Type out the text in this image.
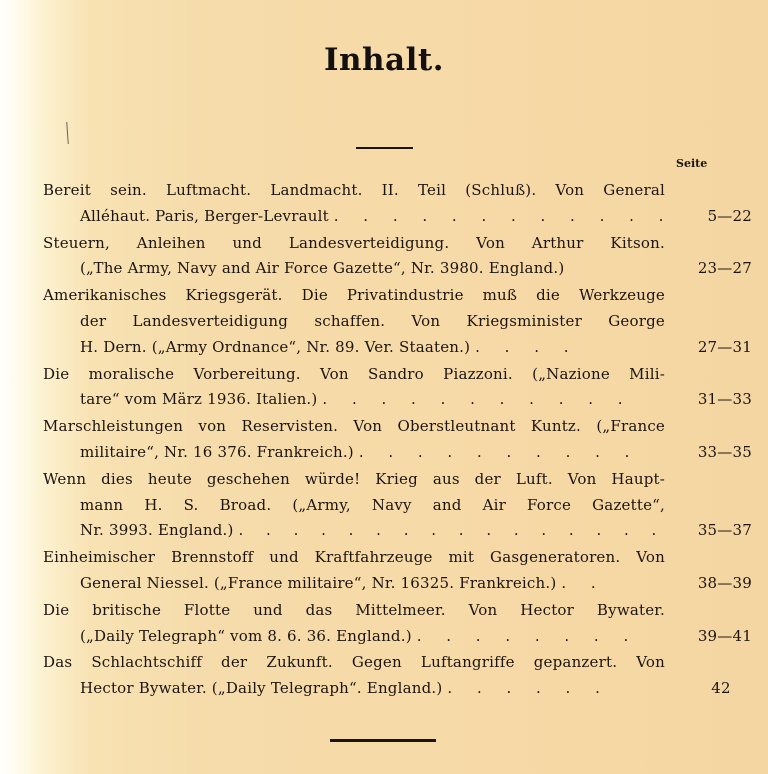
Inhalt.
Seite
Bereit sein. Luftmacht. Landmacht. II. Teil (Schluß). Von General
Alléhaut. Paris, Berger-Levrault . . . . . . . . . . . .	5—22
Steuern, Anleihen und Landesverteidigung. Von Arthur Kitson.
(„The Army, Navy and Air Force Gazette“, Nr. 3980. England.)	23—27
Amerikanisches Kriegsgerät. Die Privatindustrie muß die Werkzeuge
der Landesverteidigung schaffen. Von Kriegsminister George
H. Dern. („Army Ordnance“, Nr. 89. Ver. Staaten.) . . . .	27—31
Die moralische Vorbereitung. Von Sandro Piazzoni. („Nazione Mili-
tare“ vom März 1936. Italien.) . . . . . . . . . . .	31—33
Marschleistungen von Reservisten. Von Oberstleutnant Kuntz. („France
militaire“, Nr. 16 376. Frankreich.) . . . . . . . . . .	33—35
Wenn dies heute geschehen würde! Krieg aus der Luft. Von Haupt-
mann H. S. Broad. („Army, Navy and Air Force Gazette“,
Nr. 3993. England.) . . . . . . . . . . . . . . . .	35—37
Einheimischer Brennstoff und Kraftfahrzeuge mit Gasgeneratoren. Von
General Niessel. („France militaire“, Nr. 16325. Frankreich.) . .	38—39
Die britische Flotte und das Mittelmeer. Von Hector Bywater.
(„Daily Telegraph“ vom 8. 6. 36. England.) . . . . . . . .	39—41
Das Schlachtschiff der Zukunft. Gegen Luftangriffe gepanzert. Von
Hector Bywater. („Daily Telegraph“. England.) . . . . . .	42
